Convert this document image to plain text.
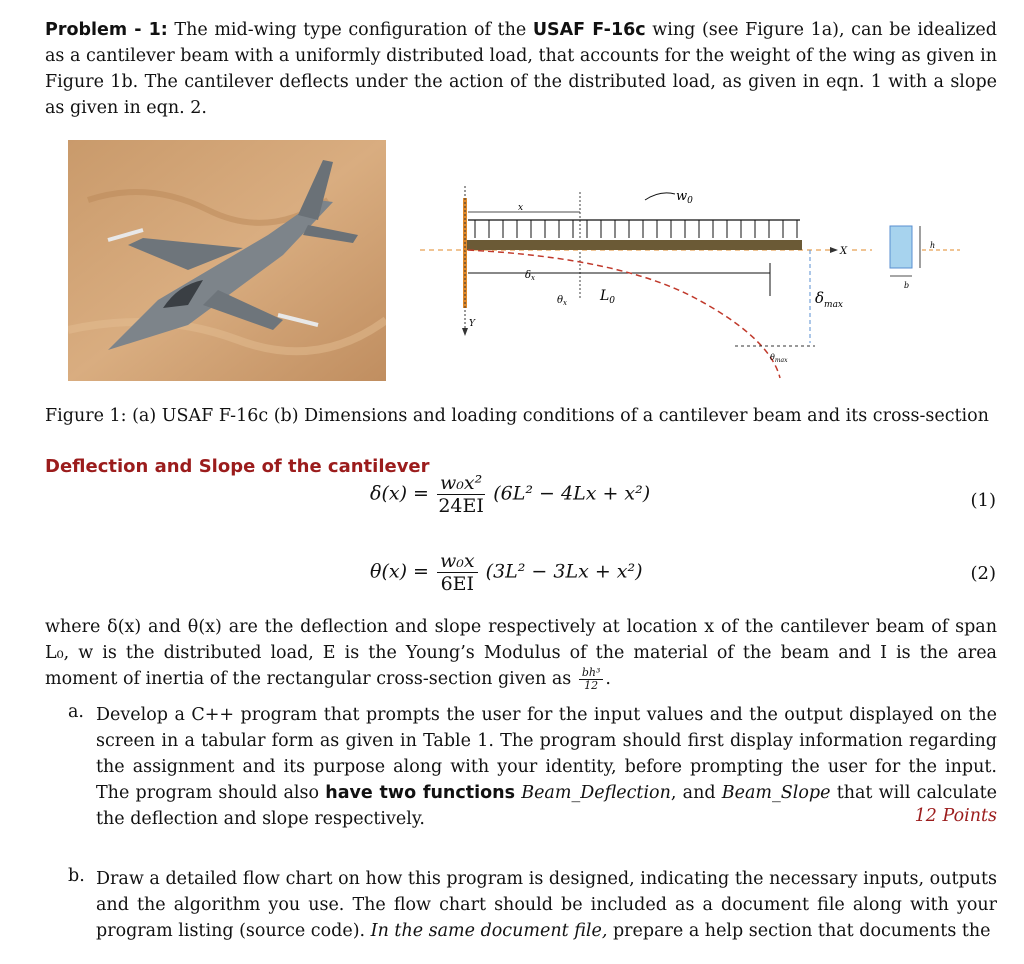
Problem - 1: The mid-wing type configuration of the USAF F-16c wing (see Figure 1a), can be idealized as a cantilever beam with a uniformly distributed load, that accounts for the weight of the wing as given in Figure 1b. The cantilever deflects under the action of the distributed load, as given in eqn. 1 with a slope as given in eqn. 2.
Y
X
$w_0$
x
$L_0$
$\delta_x$
$\theta_x$	$\delta_{max}$
$\theta_{max}$
h
b
Figure 1: (a) USAF F-16c (b) Dimensions and loading conditions of a cantilever beam and its cross-section
Deflection and Slope of the cantilever
$\delta(x) = \frac{\text{w₀x²}}{24EI} (6L^2 - 4Lx + x^2)$	(1)
$\theta(x) = \frac{\text{w₀x}}{6EI} (3L^2 - 3Lx + x^2)$	(2)
where δ(x) and θ(x) are the deflection and slope respectively at location x of the cantilever beam of span L₀, w is the distributed load, E is the Young’s Modulus of the material of the beam and I is the area moment of inertia of the rectangular cross-section given as $\frac{\text{bh³}}{12}$ .
a. Develop a C++ program that prompts the user for the input values and the output displayed on the screen in a tabular form as given in Table 1. The program should first display information regarding the assignment and its purpose along with your identity, before prompting the user for the input. The program should also have two functions Beam_Deflection, and Beam_Slope that will calculate the deflection and slope respectively.	12 Points
b. Draw a detailed flow chart on how this program is designed, indicating the necessary inputs, outputs and the algorithm you use. The flow chart should be included as a document file along with your program listing (source code). In the same document file, prepare a help section that documents the
